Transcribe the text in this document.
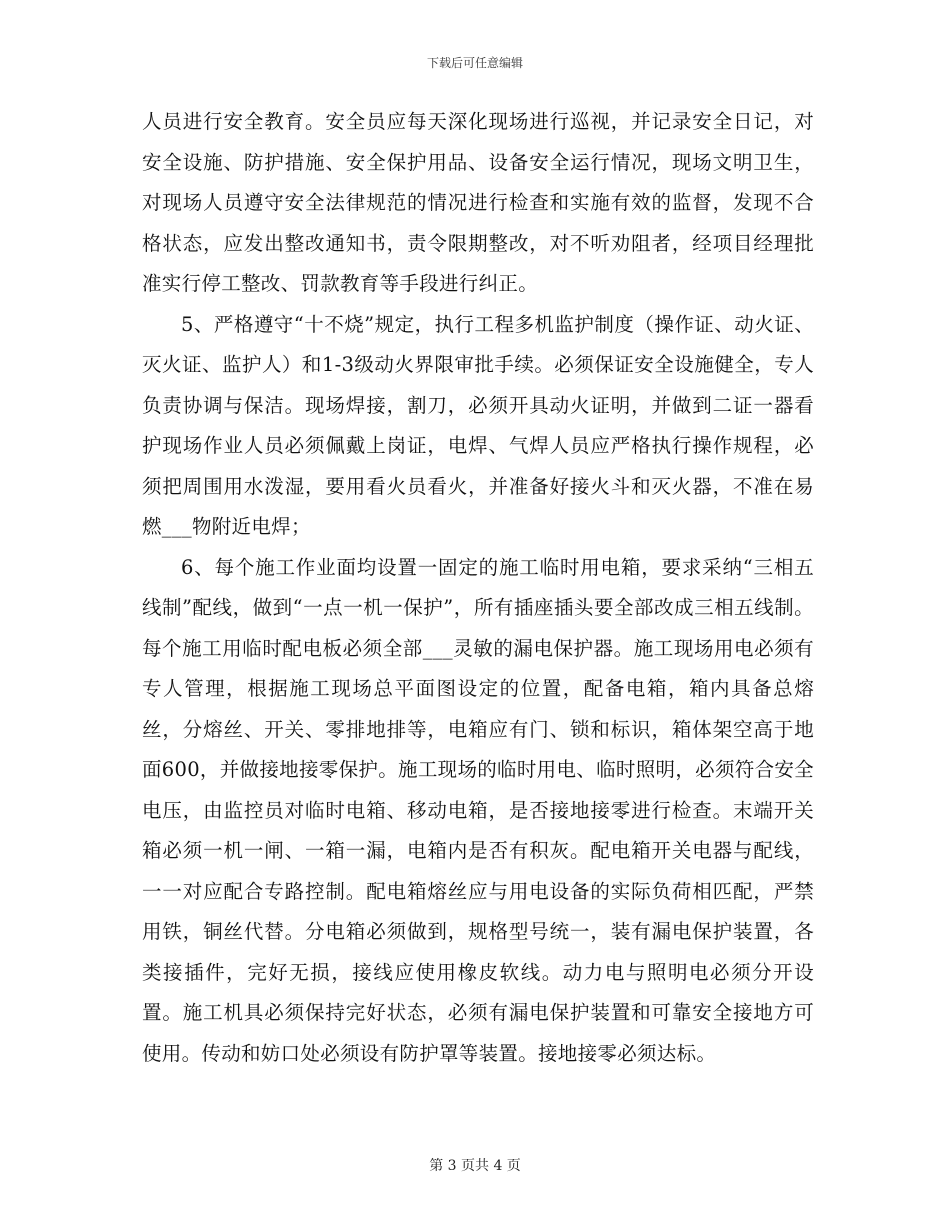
下载后可任意编辑

人员进行安全教育。安全员应每天深化现场进行巡视，并记录安全日记，对安全设施、防护措施、安全保护用品、设备安全运行情况，现场文明卫生，对现场人员遵守安全法律规范的情况进行检查和实施有效的监督，发现不合格状态，应发出整改通知书，责令限期整改，对不听劝阻者，经项目经理批准实行停工整改、罚款教育等手段进行纠正。

5、严格遵守“十不烧”规定，执行工程多机监护制度（操作证、动火证、灭火证、监护人）和1-3级动火界限审批手续。必须保证安全设施健全，专人负责协调与保洁。现场焊接，割刀，必须开具动火证明，并做到二证一器看护现场作业人员必须佩戴上岗证，电焊、气焊人员应严格执行操作规程，必须把周围用水泼湿，要用看火员看火，并准备好接火斗和灭火器，不准在易燃___物附近电焊；

6、每个施工作业面均设置一固定的施工临时用电箱，要求采纳“三相五线制”配线，做到“一点一机一保护”，所有插座插头要全部改成三相五线制。每个施工用临时配电板必须全部___灵敏的漏电保护器。施工现场用电必须有专人管理，根据施工现场总平面图设定的位置，配备电箱，箱内具备总熔丝，分熔丝、开关、零排地排等，电箱应有门、锁和标识，箱体架空高于地面600，并做接地接零保护。施工现场的临时用电、临时照明，必须符合安全电压，由监控员对临时电箱、移动电箱，是否接地接零进行检查。末端开关箱必须一机一闸、一箱一漏，电箱内是否有积灰。配电箱开关电器与配线，一一对应配合专路控制。配电箱熔丝应与用电设备的实际负荷相匹配，严禁用铁，铜丝代替。分电箱必须做到，规格型号统一，装有漏电保护装置，各类接插件，完好无损，接线应使用橡皮软线。动力电与照明电必须分开设置。施工机具必须保持完好状态，必须有漏电保护装置和可靠安全接地方可使用。传动和妨口处必须设有防护罩等装置。接地接零必须达标。

第 3 页共 4 页
